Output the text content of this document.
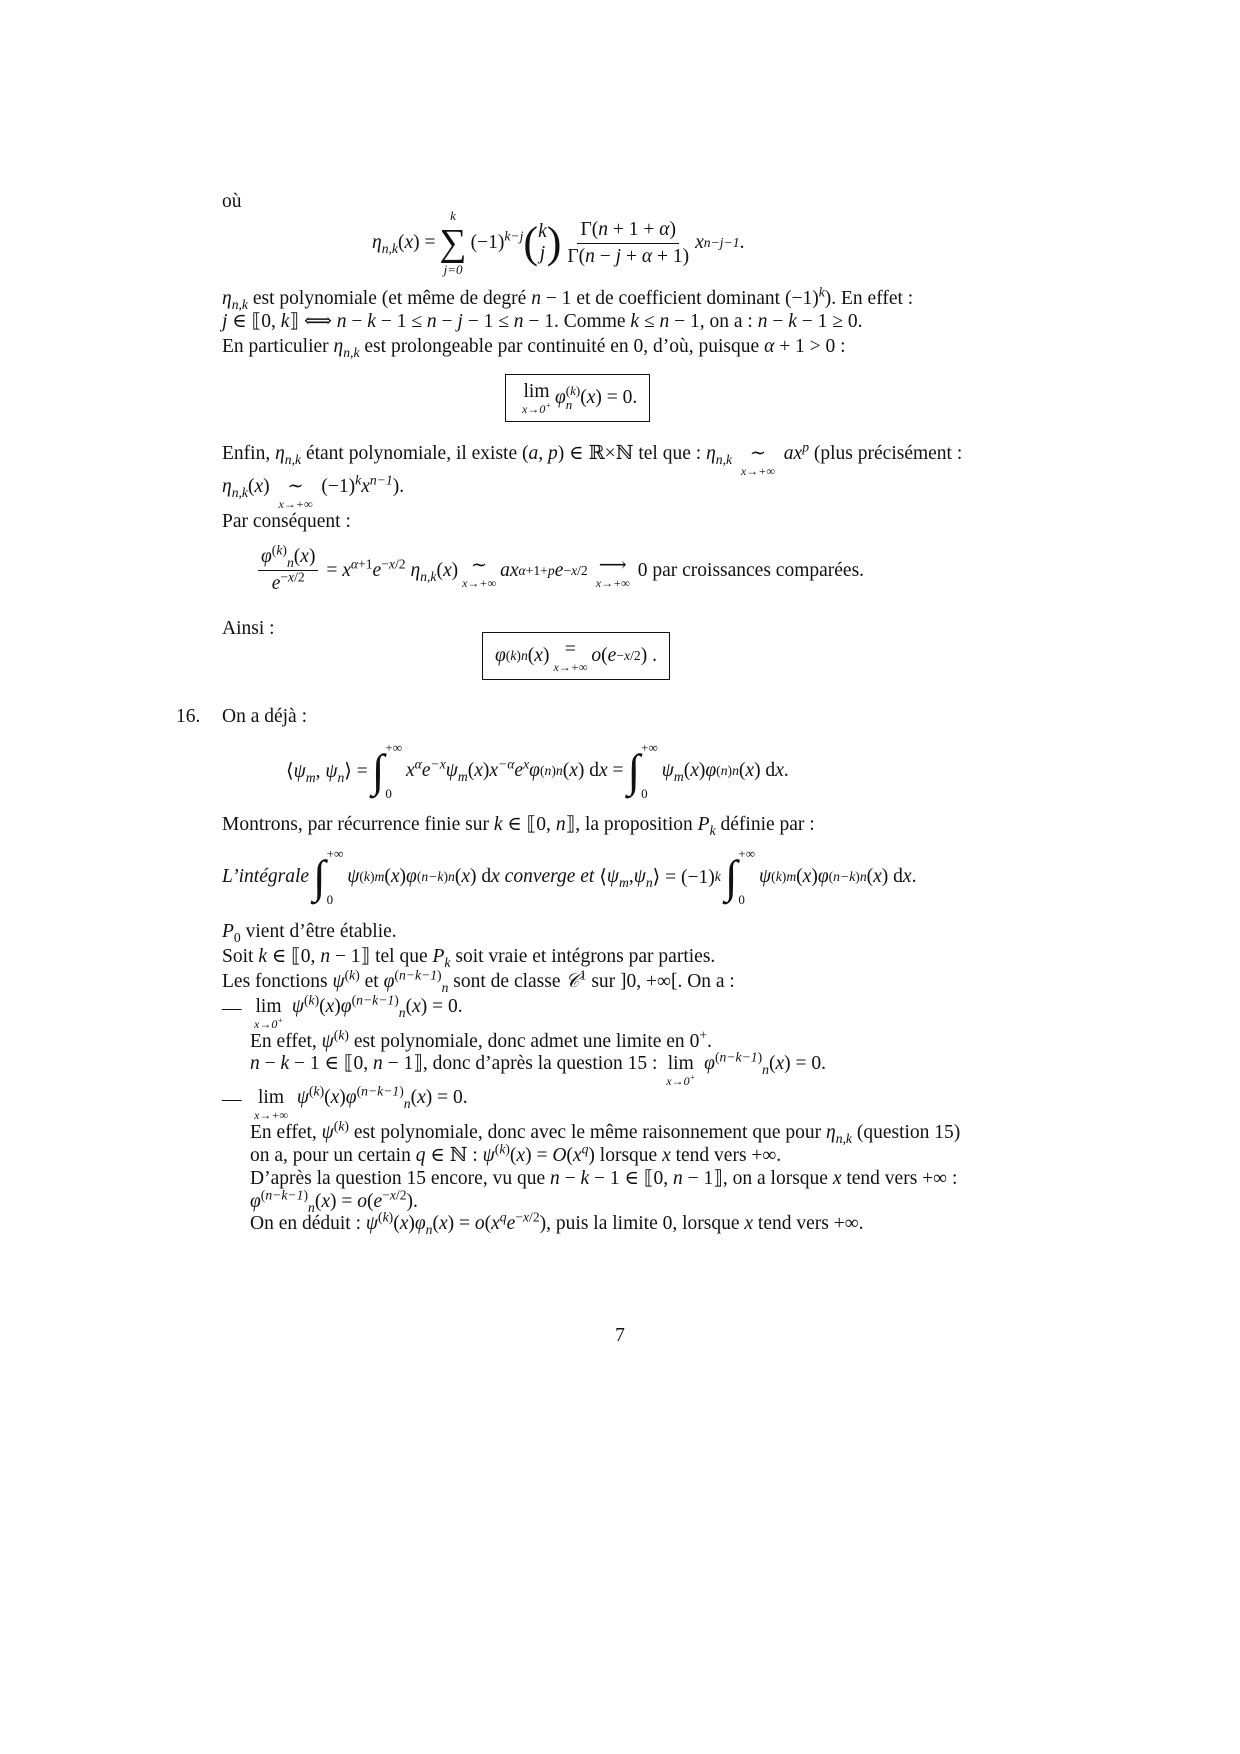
où
$\eta_{n,k}$ ( x ) =
k
∑
j=0
$(-1)^{k-j}$ ( k
j ) $\frac{\Gamma(n + 1 + \alpha)}{\Gamma(n - j + \alpha + 1)}$ x n−j−1 .
$\eta_{n,k}$ est polynomiale (et même de degré n − 1 et de coefficient dominant $(-1)^k$). En effet :
j ∈ ⟦0, k⟧ ⟺ n − k − 1 ≤ n − j − 1 ≤ n − 1. Comme k ≤ n − 1, on a : n − k − 1 ≥ 0.
En particulier $\eta_{n,k}$ est prolongeable par continuité en 0, d’où, puisque α + 1 > 0 :
lim
x→0+ φ (k)
n (x) = 0.
Enfin, $\eta_{n,k}$ étant polynomiale, il existe (a, p) ∈ ℝ×ℕ tel que : $\eta_{n,k}$ ∼
x→+∞
$ax^p$ (plus précisément :
$\eta_{n,k}(x)$ ∼
x→+∞
$(-1)^kx^{n-1}$).
Par conséquent :
$\frac{\varphi^{(k)}_n(x)}{e^{-x/2}} = x^{\alpha+1}e^{-x/2}$ $\eta_{n,k}(x)$ ∼
x→+∞
ax α+1+p e −x/2 ⟶
x→+∞
0 par croissances comparées.
Ainsi :
φ (k) n ( x ) =
x→+∞
o ( e −x/2 ) .
16. On a déjà :
$⟨\psi_m$, $\psi_n⟩$ = ∫ +∞
0
$x^\alpha e^{-x}\psi_m$ ( x ) $x^{-\alpha}e^x\varphi$ (n) n ( x ) d x = ∫ +∞
0
$\psi_m$ ( x ) φ (n) n ( x ) d x .
Montrons, par récurrence finie sur k ∈ ⟦0, n⟧, la proposition $P_k$ définie par :
L’intégrale ∫ +∞
0
ψ (k) m ( x ) φ (n−k) n ( x ) d x
converge et ⟨ $\psi_m$ , $\psi_n$ ⟩ = (−1) k ∫ +∞
0
ψ (k) m ( x ) φ (n−k) n ( x ) d x .
$P_0$ vient d’être établie.
Soit k ∈ ⟦0, n − 1⟧ tel que $P_k$ soit vraie et intégrons par parties.
Les fonctions $\psi^{(k)}$ et $\varphi^{(n-k-1)}_n$ sont de classe 𝒞$^1$ sur ]0, +∞[. On a :
— lim
x→0+
$\psi^{(k)}(x)\varphi^{(n-k-1)}_n(x) = 0$.
En effet, $\psi^{(k)}$ est polynomiale, donc admet une limite en 0+.
n − k − 1 ∈ ⟦0, n − 1⟧, donc d’après la question 15 : lim
x→0+
$\varphi^{(n-k-1)}_n(x) = 0$.
— lim
x→+∞
$\psi^{(k)}(x)\varphi^{(n-k-1)}_n(x) = 0$.
En effet, $\psi^{(k)}$ est polynomiale, donc avec le même raisonnement que pour $\eta_{n,k}$ (question 15)
on a, pour un certain q ∈ ℕ : $\psi^{(k)}(x) = O(x^q)$ lorsque x tend vers +∞.
D’après la question 15 encore, vu que n − k − 1 ∈ ⟦0, n − 1⟧, on a lorsque x tend vers +∞ :
$\varphi^{(n-k-1)}_n(x) = o(e^{-x/2})$.
On en déduit : $\psi^{(k)}(x)\varphi_n(x) = o(x^qe^{-x/2})$, puis la limite 0, lorsque x tend vers +∞.
7
